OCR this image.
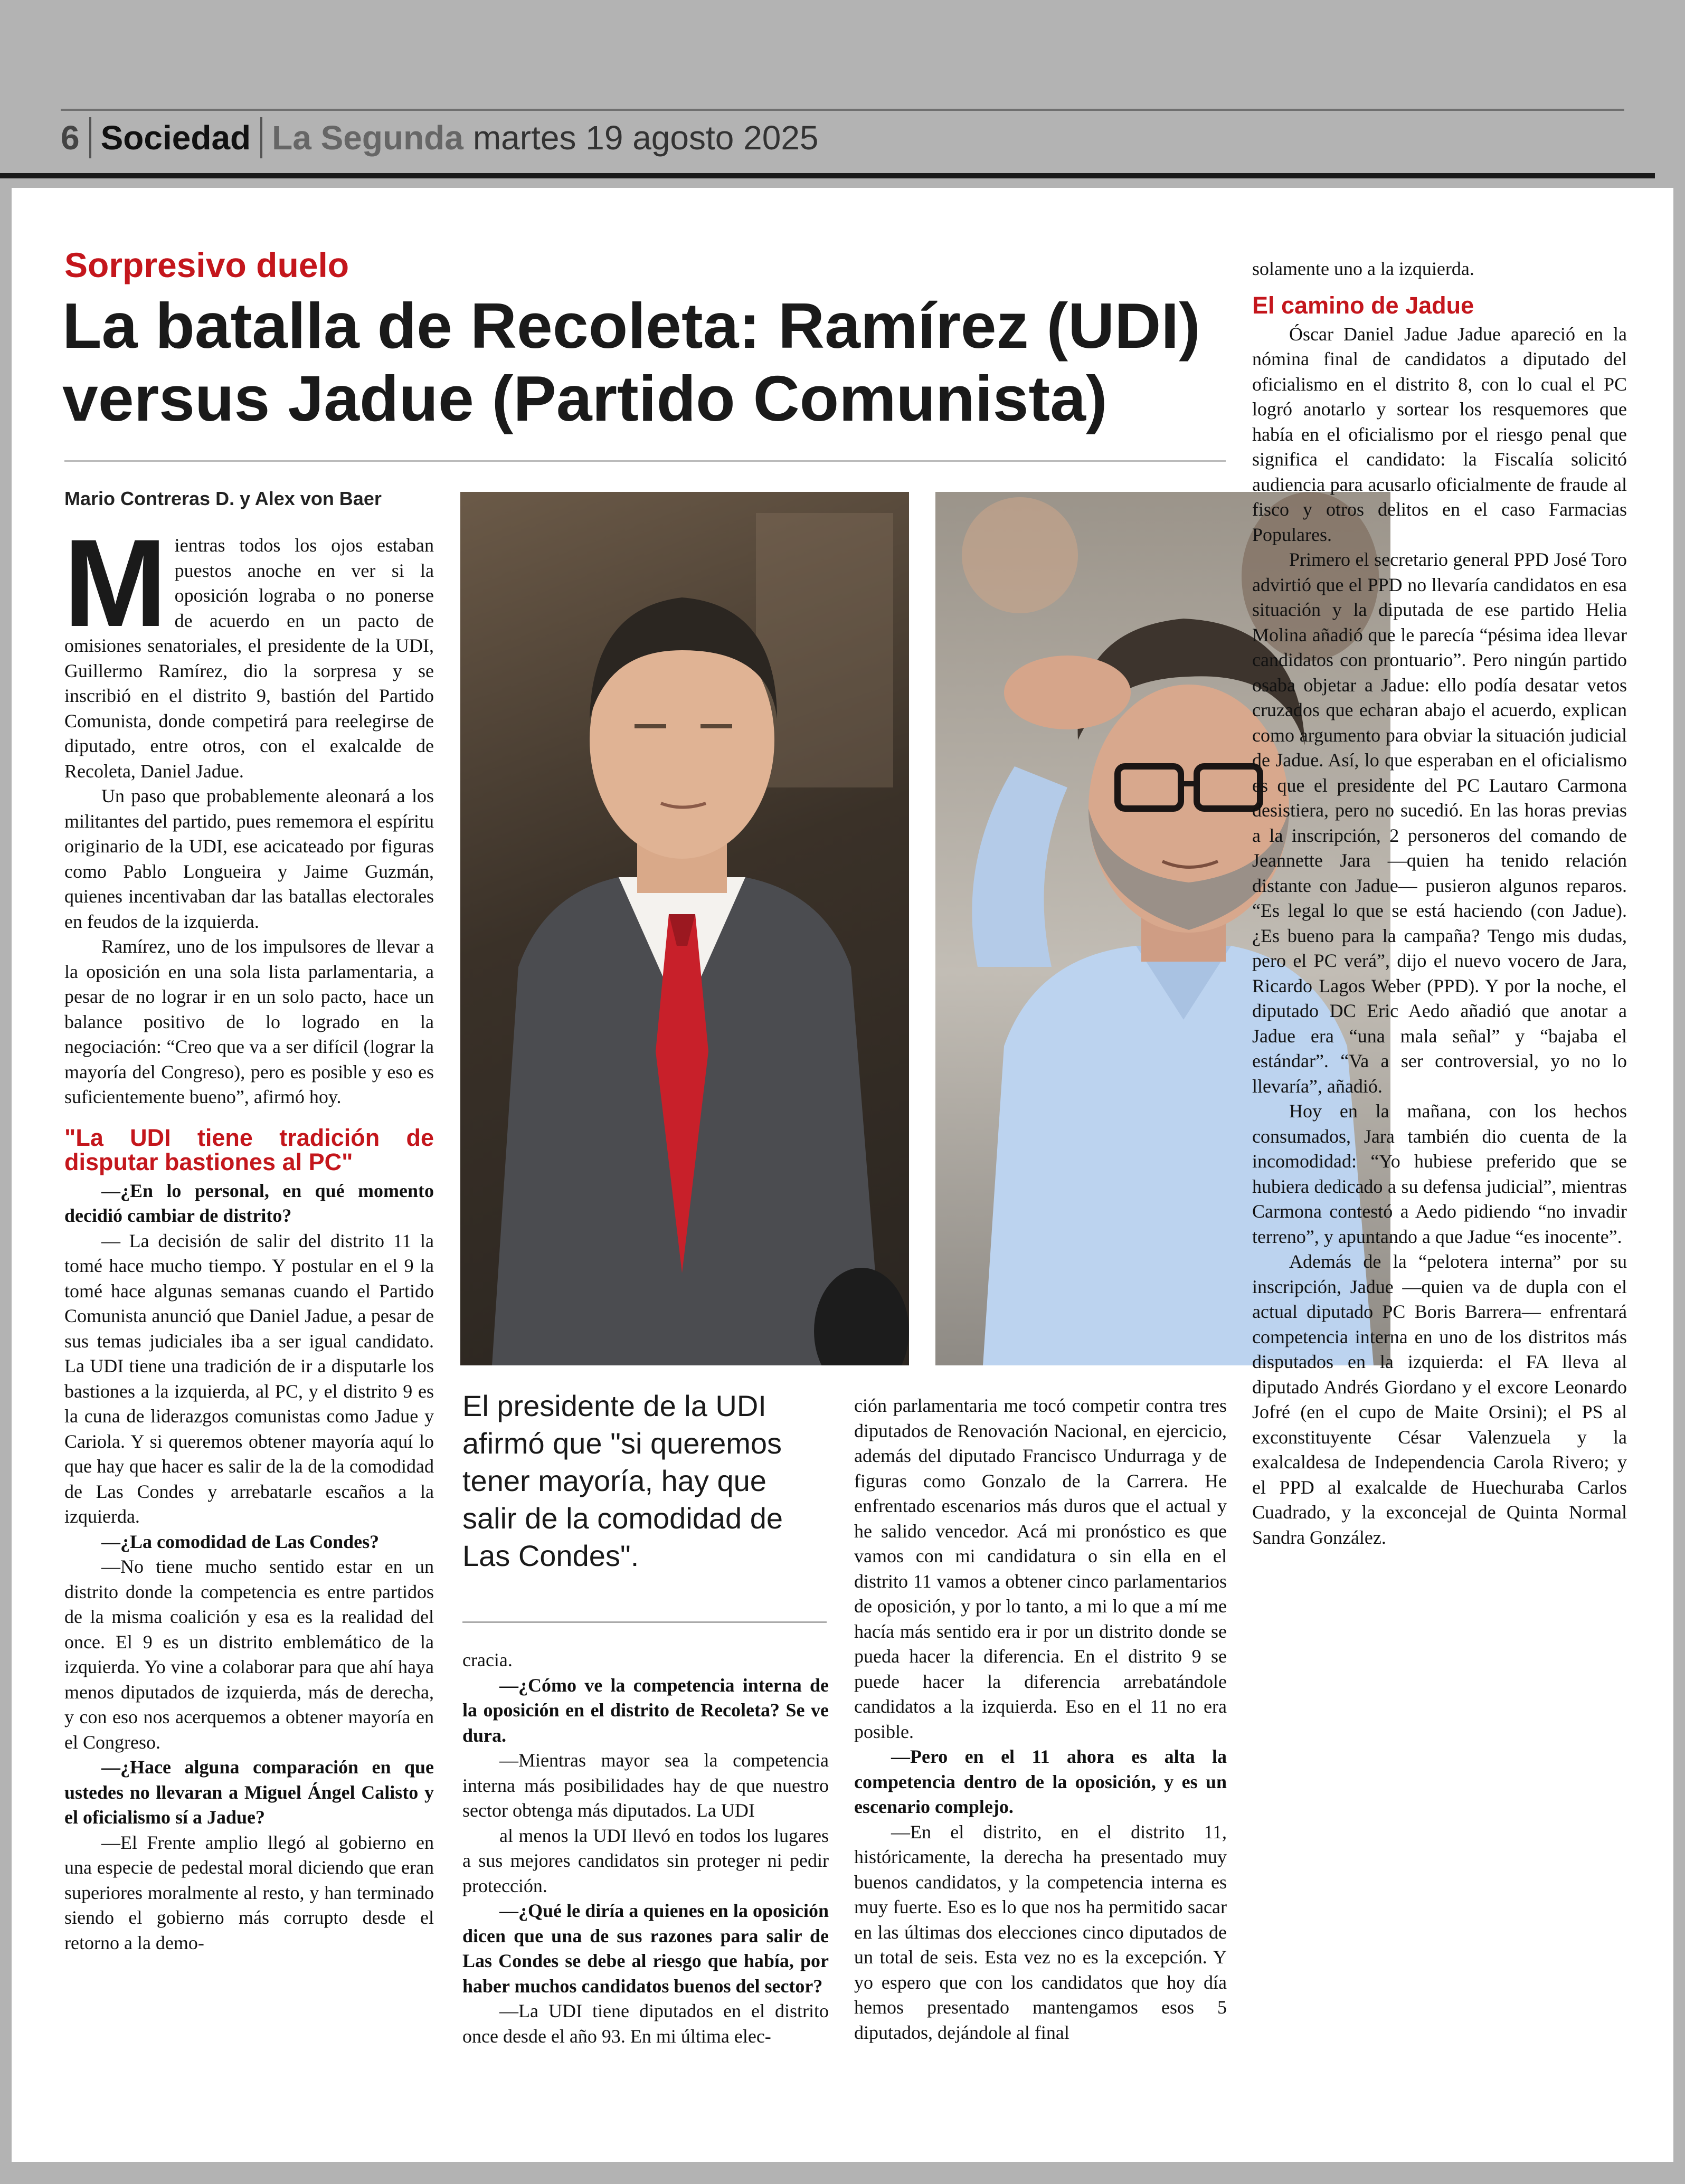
6 Sociedad La Segunda martes 19 agosto 2025
Sorpresivo duelo
La batalla de Recoleta: Ramírez (UDI) versus Jadue (Partido Comunista)
Mario Contreras D. y Alex von Baer

Mientras todos los ojos estaban puestos anoche en ver si la oposición lograba o no ponerse de acuerdo en un pacto de omisiones senatoriales, el presidente de la UDI, Guillermo Ramírez, dio la sorpresa y se inscribió en el distrito 9, bastión del Partido Comunista, donde competirá para reelegirse de diputado, entre otros, con el exalcalde de Recoleta, Daniel Jadue.

Un paso que probablemente aleonará a los militantes del partido, pues rememora el espíritu originario de la UDI, ese acicateado por figuras como Pablo Longueira y Jaime Guzmán, quienes incentivaban dar las batallas electorales en feudos de la izquierda.

Ramírez, uno de los impulsores de llevar a la oposición en una sola lista parlamentaria, a pesar de no lograr ir en un solo pacto, hace un balance positivo de lo logrado en la negociación: “Creo que va a ser difícil (lograr la mayoría del Congreso), pero es posible y eso es suficientemente bueno”, afirmó hoy.

"La UDI tiene tradición de disputar bastiones al PC"

—¿En lo personal, en qué momento decidió cambiar de distrito?

— La decisión de salir del distrito 11 la tomé hace mucho tiempo. Y postular en el 9 la tomé hace algunas semanas cuando el Partido Comunista anunció que Daniel Jadue, a pesar de sus temas judiciales iba a ser igual candidato. La UDI tiene una tradición de ir a disputarle los bastiones a la izquierda, al PC, y el distrito 9 es la cuna de liderazgos comunistas como Jadue y Cariola. Y si queremos obtener mayoría aquí lo que hay que hacer es salir de la de la comodidad de Las Condes y arrebatarle escaños a la izquierda.

—¿La comodidad de Las Condes?

—No tiene mucho sentido estar en un distrito donde la competencia es entre partidos de la misma coalición y esa es la realidad del once. El 9 es un distrito emblemático de la izquierda. Yo vine a colaborar para que ahí haya menos diputados de izquierda, más de derecha, y con eso nos acerquemos a obtener mayoría en el Congreso.

—¿Hace alguna comparación en que ustedes no llevaran a Miguel Ángel Calisto y el oficialismo sí a Jadue?

—El Frente amplio llegó al gobierno en una especie de pedestal moral diciendo que eran superiores moralmente al resto, y han terminado siendo el gobierno más corrupto desde el retorno a la demo-

El presidente de la UDI afirmó que "si queremos tener mayoría, hay que salir de la comodidad de Las Condes".

cracia.

—¿Cómo ve la competencia interna de la oposición en el distrito de Recoleta? Se ve dura.

—Mientras mayor sea la competencia interna más posibilidades hay de que nuestro sector obtenga más diputados. La UDI

al menos la UDI llevó en todos los lugares a sus mejores candidatos sin proteger ni pedir protección.

—¿Qué le diría a quienes en la oposición dicen que una de sus razones para salir de Las Condes se debe al riesgo que había, por haber muchos candidatos buenos del sector?

—La UDI tiene diputados en el distrito once desde el año 93. En mi última elec-

ción parlamentaria me tocó competir contra tres diputados de Renovación Nacional, en ejercicio, además del diputado Francisco Undurraga y de figuras como Gonzalo de la Carrera. He enfrentado escenarios más duros que el actual y he salido vencedor. Acá mi pronóstico es que vamos con mi candidatura o sin ella en el distrito 11 vamos a obtener cinco parlamentarios de oposición, y por lo tanto, a mi lo que a mí me hacía más sentido era ir por un distrito donde se pueda hacer la diferencia. En el distrito 9 se puede hacer la diferencia arrebatándole candidatos a la izquierda. Eso en el 11 no era posible.

—Pero en el 11 ahora es alta la competencia dentro de la oposición, y es un escenario complejo.

—En el distrito, en el distrito 11, históricamente, la derecha ha presentado muy buenos candidatos, y la competencia interna es muy fuerte. Eso es lo que nos ha permitido sacar en las últimas dos elecciones cinco diputados de un total de seis. Esta vez no es la excepción. Y yo espero que con los candidatos que hoy día hemos presentado mantengamos esos 5 diputados, dejándole al final

solamente uno a la izquierda.

El camino de Jadue

Óscar Daniel Jadue Jadue apareció en la nómina final de candidatos a diputado del oficialismo en el distrito 8, con lo cual el PC logró anotarlo y sortear los resquemores que había en el oficialismo por el riesgo penal que significa el candidato: la Fiscalía solicitó audiencia para acusarlo oficialmente de fraude al fisco y otros delitos en el caso Farmacias Populares.

Primero el secretario general PPD José Toro advirtió que el PPD no llevaría candidatos en esa situación y la diputada de ese partido Helia Molina añadió que le parecía “pésima idea llevar candidatos con prontuario”. Pero ningún partido osaba objetar a Jadue: ello podía desatar vetos cruzados que echaran abajo el acuerdo, explican como argumento para obviar la situación judicial de Jadue. Así, lo que esperaban en el oficialismo es que el presidente del PC Lautaro Carmona desistiera, pero no sucedió. En las horas previas a la inscripción, 2 personeros del comando de Jeannette Jara —quien ha tenido relación distante con Jadue— pusieron algunos reparos. “Es legal lo que se está haciendo (con Jadue). ¿Es bueno para la campaña? Tengo mis dudas, pero el PC verá”, dijo el nuevo vocero de Jara, Ricardo Lagos Weber (PPD). Y por la noche, el diputado DC Eric Aedo añadió que anotar a Jadue era “una mala señal” y “bajaba el estándar”. “Va a ser controversial, yo no lo llevaría”, añadió.

Hoy en la mañana, con los hechos consumados, Jara también dio cuenta de la incomodidad: “Yo hubiese preferido que se hubiera dedicado a su defensa judicial”, mientras Carmona contestó a Aedo pidiendo “no invadir terreno”, y apuntando a que Jadue “es inocente”.

Además de la “pelotera interna” por su inscripción, Jadue —quien va de dupla con el actual diputado PC Boris Barrera— enfrentará competencia interna en uno de los distritos más disputados en la izquierda: el FA lleva al diputado Andrés Giordano y el excore Leonardo Jofré (en el cupo de Maite Orsini); el PS al exconstituyente César Valenzuela y la exalcaldesa de Independencia Carola Rivero; y el PPD al exalcalde de Huechuraba Carlos Cuadrado, y la exconcejal de Quinta Normal Sandra González.
